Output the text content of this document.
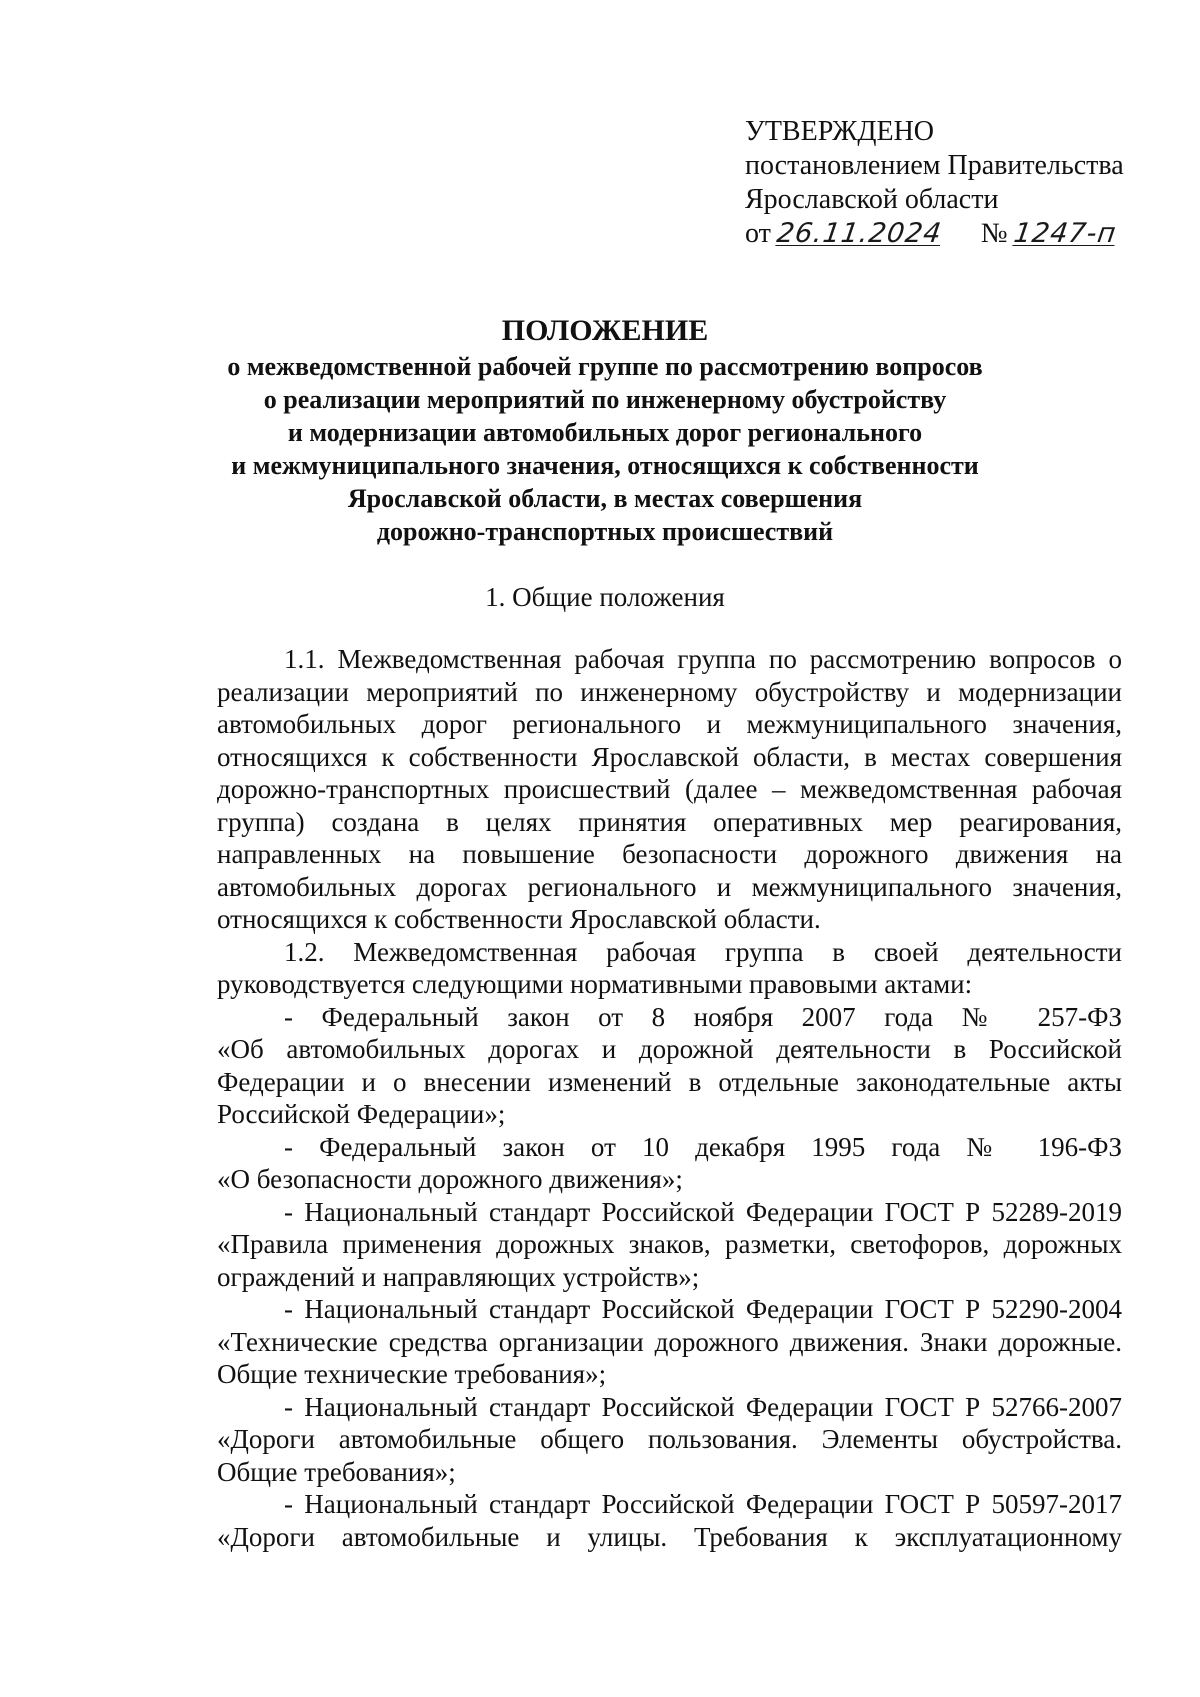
УТВЕРЖДЕНО
постановлением Правительства
Ярославской области
от 26.11.2024 № 1247-п
ПОЛОЖЕНИЕ
о межведомственной рабочей группе по рассмотрению вопросов
о реализации мероприятий по инженерному обустройству
и модернизации автомобильных дорог регионального
и межмуниципального значения, относящихся к собственности
Ярославской области, в местах совершения
дорожно-транспортных происшествий
1. Общие положения
1.1. Межведомственная рабочая группа по рассмотрению вопросов о
реализации мероприятий по инженерному обустройству и модернизации
автомобильных дорог регионального и межмуниципального значения,
относящихся к собственности Ярославской области, в местах совершения
дорожно-транспортных происшествий (далее – межведомственная рабочая
группа) создана в целях принятия оперативных мер реагирования,
направленных на повышение безопасности дорожного движения на
автомобильных дорогах регионального и межмуниципального значения,
относящихся к собственности Ярославской области.
1.2. Межведомственная рабочая группа в своей деятельности
руководствуется следующими нормативными правовыми актами:
- Федеральный закон от 8 ноября 2007 года № 257-ФЗ
«Об автомобильных дорогах и дорожной деятельности в Российской
Федерации и о внесении изменений в отдельные законодательные акты
Российской Федерации»;
- Федеральный закон от 10 декабря 1995 года № 196-ФЗ
«О безопасности дорожного движения»;
- Национальный стандарт Российской Федерации ГОСТ Р 52289-2019
«Правила применения дорожных знаков, разметки, светофоров, дорожных
ограждений и направляющих устройств»;
- Национальный стандарт Российской Федерации ГОСТ Р 52290-2004
«Технические средства организации дорожного движения. Знаки дорожные.
Общие технические требования»;
- Национальный стандарт Российской Федерации ГОСТ Р 52766-2007
«Дороги автомобильные общего пользования. Элементы обустройства.
Общие требования»;
- Национальный стандарт Российской Федерации ГОСТ Р 50597-2017
«Дороги автомобильные и улицы. Требования к эксплуатационному
